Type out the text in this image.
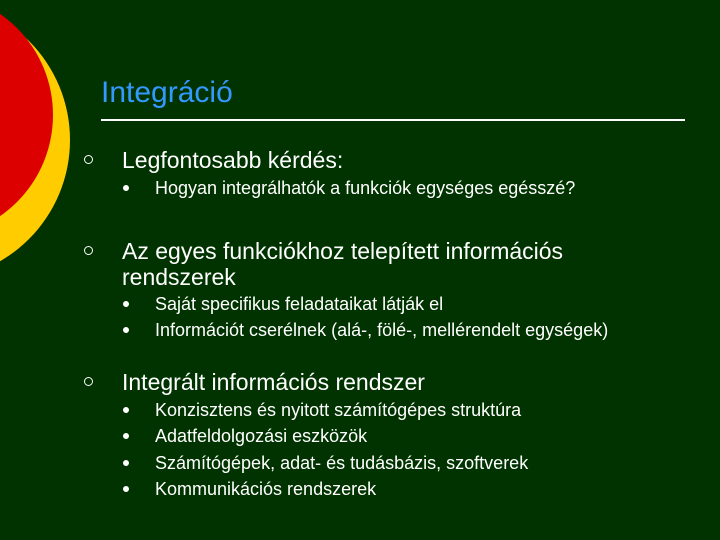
Integráció
Legfontosabb kérdés:
Hogyan integrálhatók a funkciók egységes egésszé?
Az egyes funkciókhoz telepített információs rendszerek
Saját specifikus feladataikat látják el
Információt cserélnek (alá-, fölé-, mellérendelt egységek)
Integrált információs rendszer
Konzisztens és nyitott számítógépes struktúra
Adatfeldolgozási eszközök
Számítógépek, adat- és tudásbázis, szoftverek
Kommunikációs rendszerek
